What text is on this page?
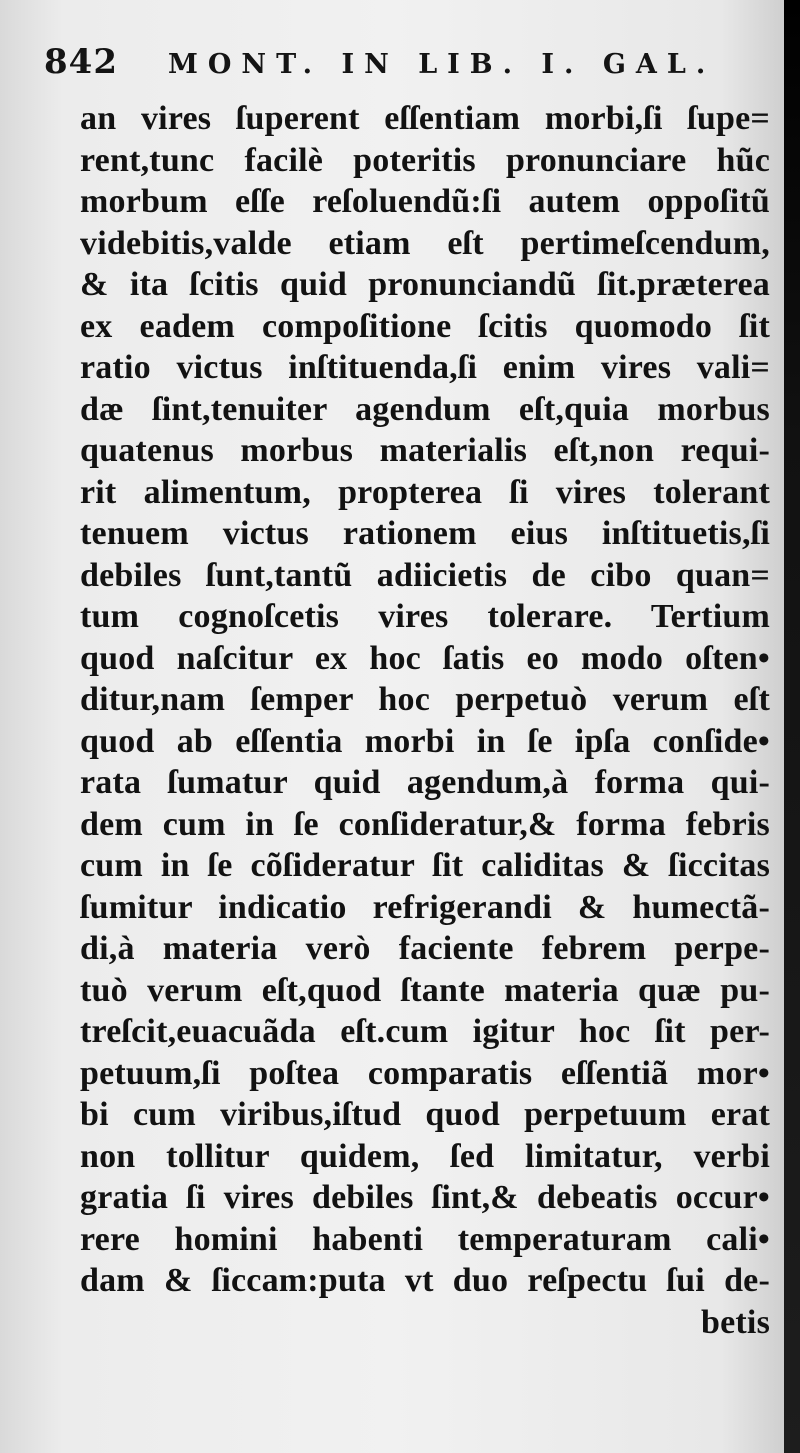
842 MONT. IN LIB. I. GAL.
an vires ſuperent eſſentiam morbi,ſi ſupe=
rent,tunc facilè poteritis pronunciare hũc
morbum eſſe reſoluendũ:ſi autem oppoſitũ
videbitis,valde etiam eſt pertimeſcendum,
& ita ſcitis quid pronunciandũ ſit.præterea
ex eadem compoſitione ſcitis quomodo ſit
ratio victus inſtituenda,ſi enim vires vali=
dæ ſint,tenuiter agendum eſt,quia morbus
quatenus morbus materialis eſt,non requi-
rit alimentum, propterea ſi vires tolerant
tenuem victus rationem eius inſtituetis,ſi
debiles ſunt,tantũ adiicietis de cibo quan=
tum cognoſcetis vires tolerare. Tertium
quod naſcitur ex hoc ſatis eo modo oſten•
ditur,nam ſemper hoc perpetuò verum eſt
quod ab eſſentia morbi in ſe ipſa conſide•
rata ſumatur quid agendum,à forma qui-
dem cum in ſe conſideratur,& forma febris
cum in ſe cõſideratur ſit caliditas & ſiccitas
ſumitur indicatio refrigerandi & humectã-
di,à materia verò faciente febrem perpe-
tuò verum eſt,quod ſtante materia quæ pu-
treſcit,euacuãda eſt.cum igitur hoc ſit per-
petuum,ſi poſtea comparatis eſſentiã mor•
bi cum viribus,iſtud quod perpetuum erat
non tollitur quidem, ſed limitatur, verbi
gratia ſi vires debiles ſint,& debeatis occur•
rere homini habenti temperaturam cali•
dam & ſiccam:puta vt duo reſpectu ſui de-
betis
